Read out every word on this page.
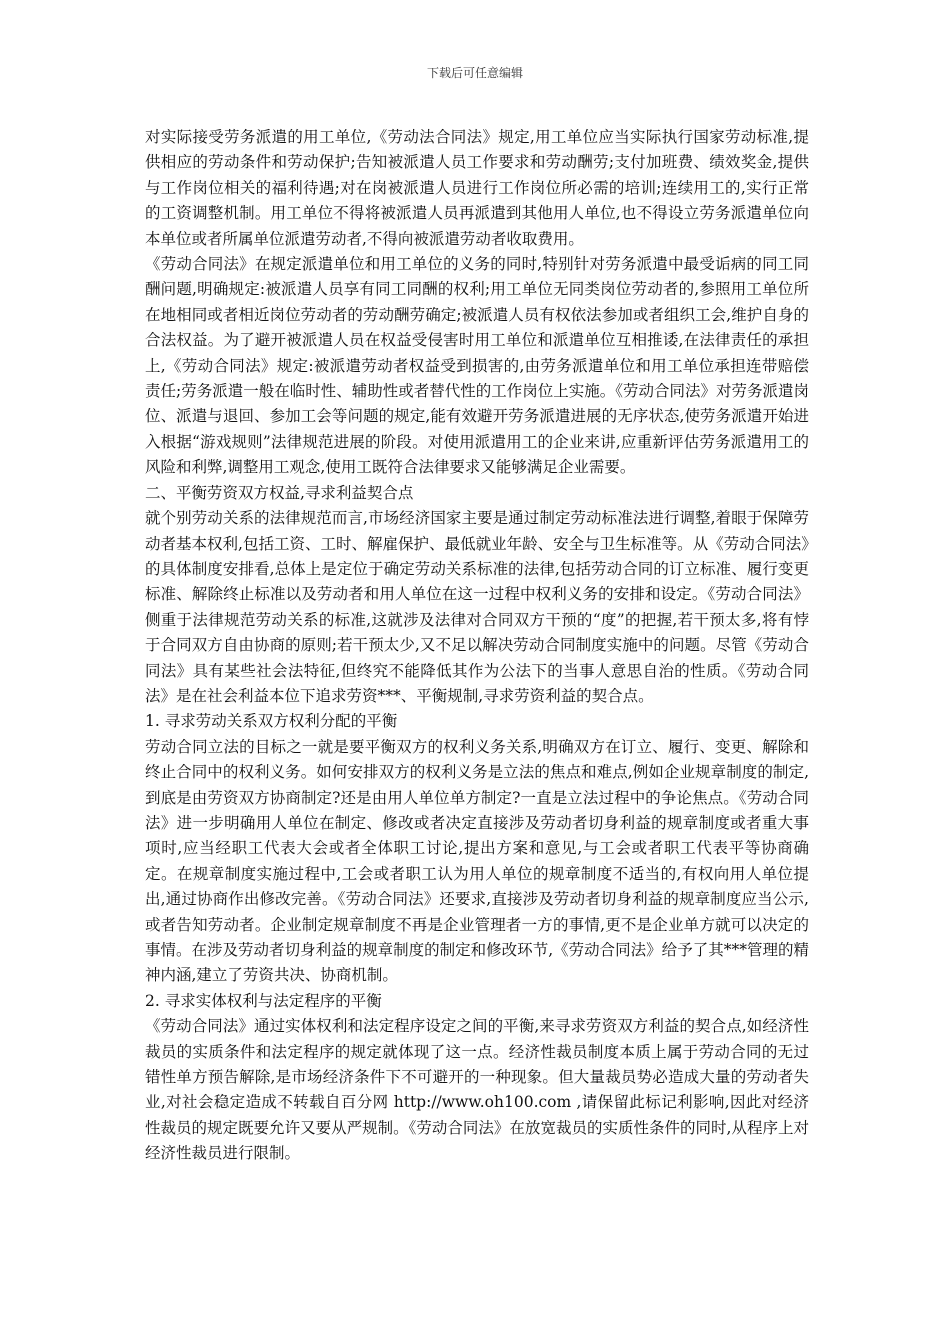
下载后可任意编辑

对实际接受劳务派遣的用工单位,《劳动法合同法》规定,用工单位应当实际执行国家劳动标准,提供相应的劳动条件和劳动保护;告知被派遣人员工作要求和劳动酬劳;支付加班费、绩效奖金,提供与工作岗位相关的福利待遇;对在岗被派遣人员进行工作岗位所必需的培训;连续用工的,实行正常的工资调整机制。用工单位不得将被派遣人员再派遣到其他用人单位,也不得设立劳务派遣单位向本单位或者所属单位派遣劳动者,不得向被派遣劳动者收取费用。

《劳动合同法》在规定派遣单位和用工单位的义务的同时,特别针对劳务派遣中最受诟病的同工同酬问题,明确规定:被派遣人员享有同工同酬的权利;用工单位无同类岗位劳动者的,参照用工单位所在地相同或者相近岗位劳动者的劳动酬劳确定;被派遣人员有权依法参加或者组织工会,维护自身的合法权益。为了避开被派遣人员在权益受侵害时用工单位和派遣单位互相推诿,在法律责任的承担上,《劳动合同法》规定:被派遣劳动者权益受到损害的,由劳务派遣单位和用工单位承担连带赔偿责任;劳务派遣一般在临时性、辅助性或者替代性的工作岗位上实施。《劳动合同法》对劳务派遣岗位、派遣与退回、参加工会等问题的规定,能有效避开劳务派遣进展的无序状态,使劳务派遣开始进入根据“游戏规则”法律规范进展的阶段。对使用派遣用工的企业来讲,应重新评估劳务派遣用工的风险和利弊,调整用工观念,使用工既符合法律要求又能够满足企业需要。

二、平衡劳资双方权益,寻求利益契合点

就个别劳动关系的法律规范而言,市场经济国家主要是通过制定劳动标准法进行调整,着眼于保障劳动者基本权利,包括工资、工时、解雇保护、最低就业年龄、安全与卫生标准等。从《劳动合同法》的具体制度安排看,总体上是定位于确定劳动关系标准的法律,包括劳动合同的订立标准、履行变更标准、解除终止标准以及劳动者和用人单位在这一过程中权利义务的安排和设定。《劳动合同法》侧重于法律规范劳动关系的标准,这就涉及法律对合同双方干预的“度”的把握,若干预太多,将有悖于合同双方自由协商的原则;若干预太少,又不足以解决劳动合同制度实施中的问题。尽管《劳动合同法》具有某些社会法特征,但终究不能降低其作为公法下的当事人意思自治的性质。《劳动合同法》是在社会利益本位下追求劳资***、平衡规制,寻求劳资利益的契合点。

1. 寻求劳动关系双方权利分配的平衡

劳动合同立法的目标之一就是要平衡双方的权利义务关系,明确双方在订立、履行、变更、解除和终止合同中的权利义务。如何安排双方的权利义务是立法的焦点和难点,例如企业规章制度的制定,到底是由劳资双方协商制定?还是由用人单位单方制定?一直是立法过程中的争论焦点。《劳动合同法》进一步明确用人单位在制定、修改或者决定直接涉及劳动者切身利益的规章制度或者重大事项时,应当经职工代表大会或者全体职工讨论,提出方案和意见,与工会或者职工代表平等协商确定。在规章制度实施过程中,工会或者职工认为用人单位的规章制度不适当的,有权向用人单位提出,通过协商作出修改完善。《劳动合同法》还要求,直接涉及劳动者切身利益的规章制度应当公示,或者告知劳动者。企业制定规章制度不再是企业管理者一方的事情,更不是企业单方就可以决定的事情。在涉及劳动者切身利益的规章制度的制定和修改环节,《劳动合同法》给予了其***管理的精神内涵,建立了劳资共决、协商机制。

2. 寻求实体权利与法定程序的平衡

《劳动合同法》通过实体权利和法定程序设定之间的平衡,来寻求劳资双方利益的契合点,如经济性裁员的实质条件和法定程序的规定就体现了这一点。经济性裁员制度本质上属于劳动合同的无过错性单方预告解除,是市场经济条件下不可避开的一种现象。但大量裁员势必造成大量的劳动者失业,对社会稳定造成不转载自百分网 http://www.oh100.com ,请保留此标记利影响,因此对经济性裁员的规定既要允许又要从严规制。《劳动合同法》在放宽裁员的实质性条件的同时,从程序上对经济性裁员进行限制。
